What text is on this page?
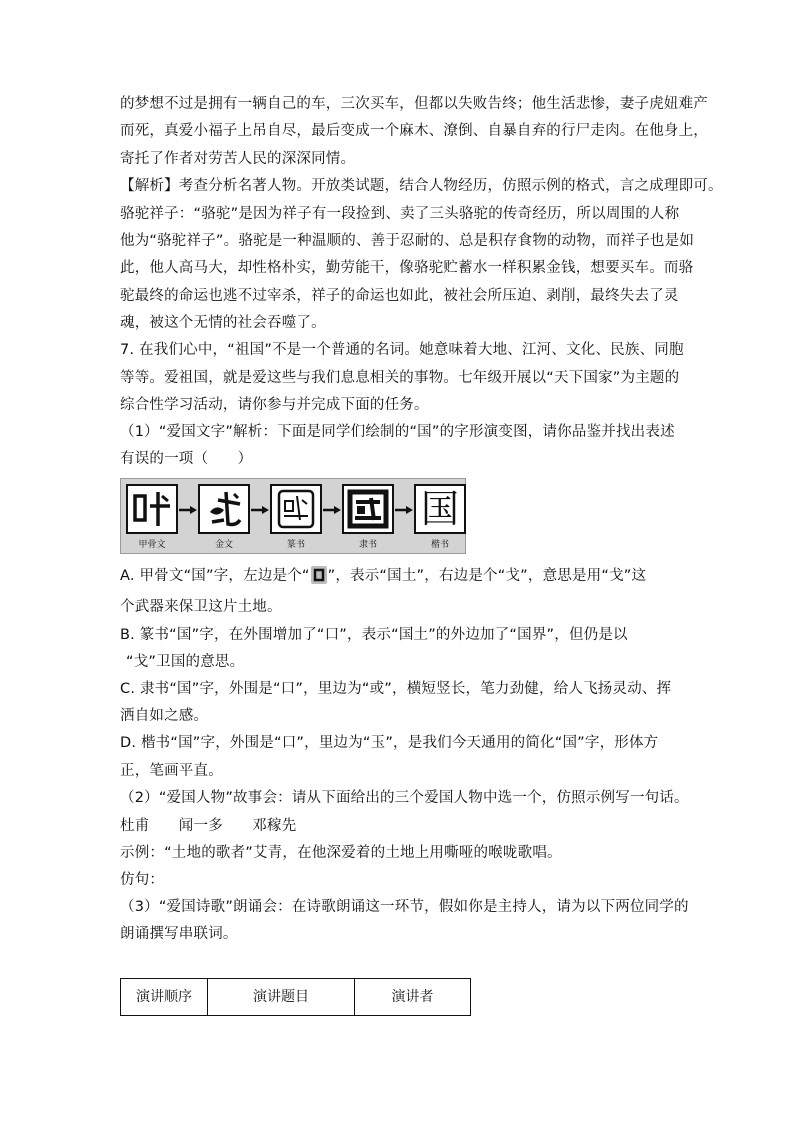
的梦想不过是拥有一辆自己的车，三次买车，但都以失败告终；他生活悲惨，妻子虎妞难产
而死，真爱小福子上吊自尽，最后变成一个麻木、潦倒、自暴自弃的行尸走肉。在他身上，
寄托了作者对劳苦人民的深深同情。
【解析】考查分析名著人物。开放类试题，结合人物经历，仿照示例的格式，言之成理即可。
骆驼祥子：“骆驼”是因为祥子有一段捡到、卖了三头骆驼的传奇经历，所以周围的人称
他为“骆驼祥子”。骆驼是一种温顺的、善于忍耐的、总是积存食物的动物，而祥子也是如
此，他人高马大，却性格朴实，勤劳能干，像骆驼贮蓄水一样积累金钱，想要买车。而骆
驼最终的命运也逃不过宰杀，祥子的命运也如此，被社会所压迫、剥削，最终失去了灵
魂，被这个无情的社会吞噬了。
7. 在我们心中，“祖国”不是一个普通的名词。她意味着大地、江河、文化、民族、同胞
等等。爱祖国，就是爱这些与我们息息相关的事物。七年级开展以“天下国家”为主题的
综合性学习活动，请你参与并完成下面的任务。
（1）“爱国文字”解析：下面是同学们绘制的“国”的字形演变图，请你品鉴并找出表述
有误的一项（　　）
国
甲骨文	金文	篆书	隶书	楷书
A. 甲骨文“国”字，左边是个“ ”，表示“国土”，右边是个“戈”，意思是用“戈”这
个武器来保卫这片土地。
B. 篆书“国”字，在外围增加了“口”，表示“国土”的外边加了“国界”，但仍是以
“戈”卫国的意思。
C. 隶书“国”字，外围是“口”，里边为“或”，横短竖长，笔力劲健，给人飞扬灵动、挥
洒自如之感。
D. 楷书“国”字，外围是“口”，里边为“玉”，是我们今天通用的简化“国”字，形体方
正，笔画平直。
（2）“爱国人物”故事会：请从下面给出的三个爱国人物中选一个，仿照示例写一句话。
杜甫　　闻一多　　邓稼先
示例：“土地的歌者”艾青，在他深爱着的土地上用嘶哑的喉咙歌唱。
仿句：
（3）“爱国诗歌”朗诵会：在诗歌朗诵这一环节，假如你是主持人，请为以下两位同学的
朗诵撰写串联词。
演讲顺序	演讲题目	演讲者
